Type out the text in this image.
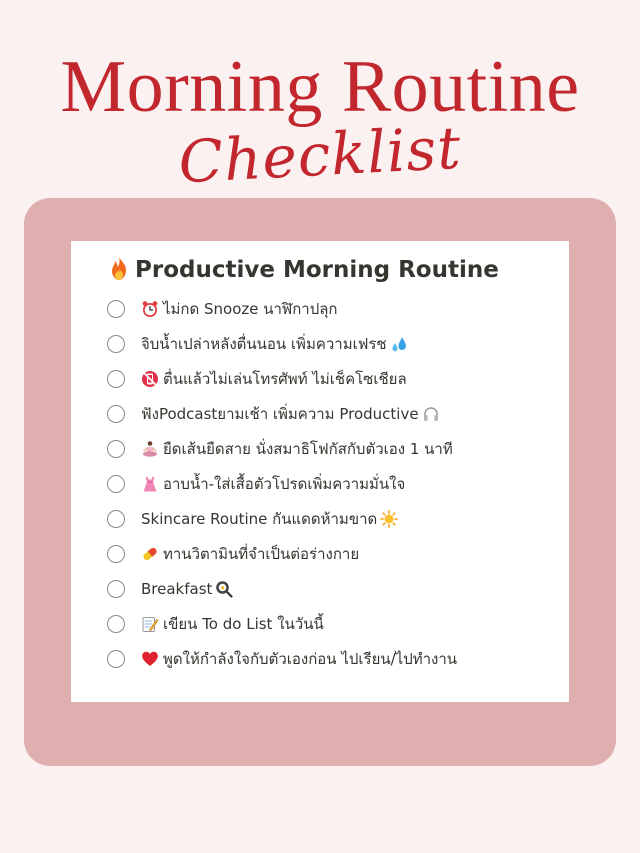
Morning Routine
Checklist
Productive Morning Routine
ไม่กด Snooze นาฬิกาปลุก
จิบน้ำเปล่าหลังตื่นนอน เพิ่มความเฟรช
ตื่นแล้วไม่เล่นโทรศัพท์ ไม่เช็คโซเชียล
ฟังPodcastยามเช้า เพิ่มความ Productive
ยืดเส้นยืดสาย นั่งสมาธิโฟกัสกับตัวเอง 1 นาที
อาบน้ำ-ใส่เสื้อตัวโปรดเพิ่มความมั่นใจ
Skincare Routine กันแดดห้ามขาด
ทานวิตามินที่จำเป็นต่อร่างกาย
Breakfast
เขียน To do List ในวันนี้
พูดให้กำลังใจกับตัวเองก่อน ไปเรียน/ไปทำงาน
